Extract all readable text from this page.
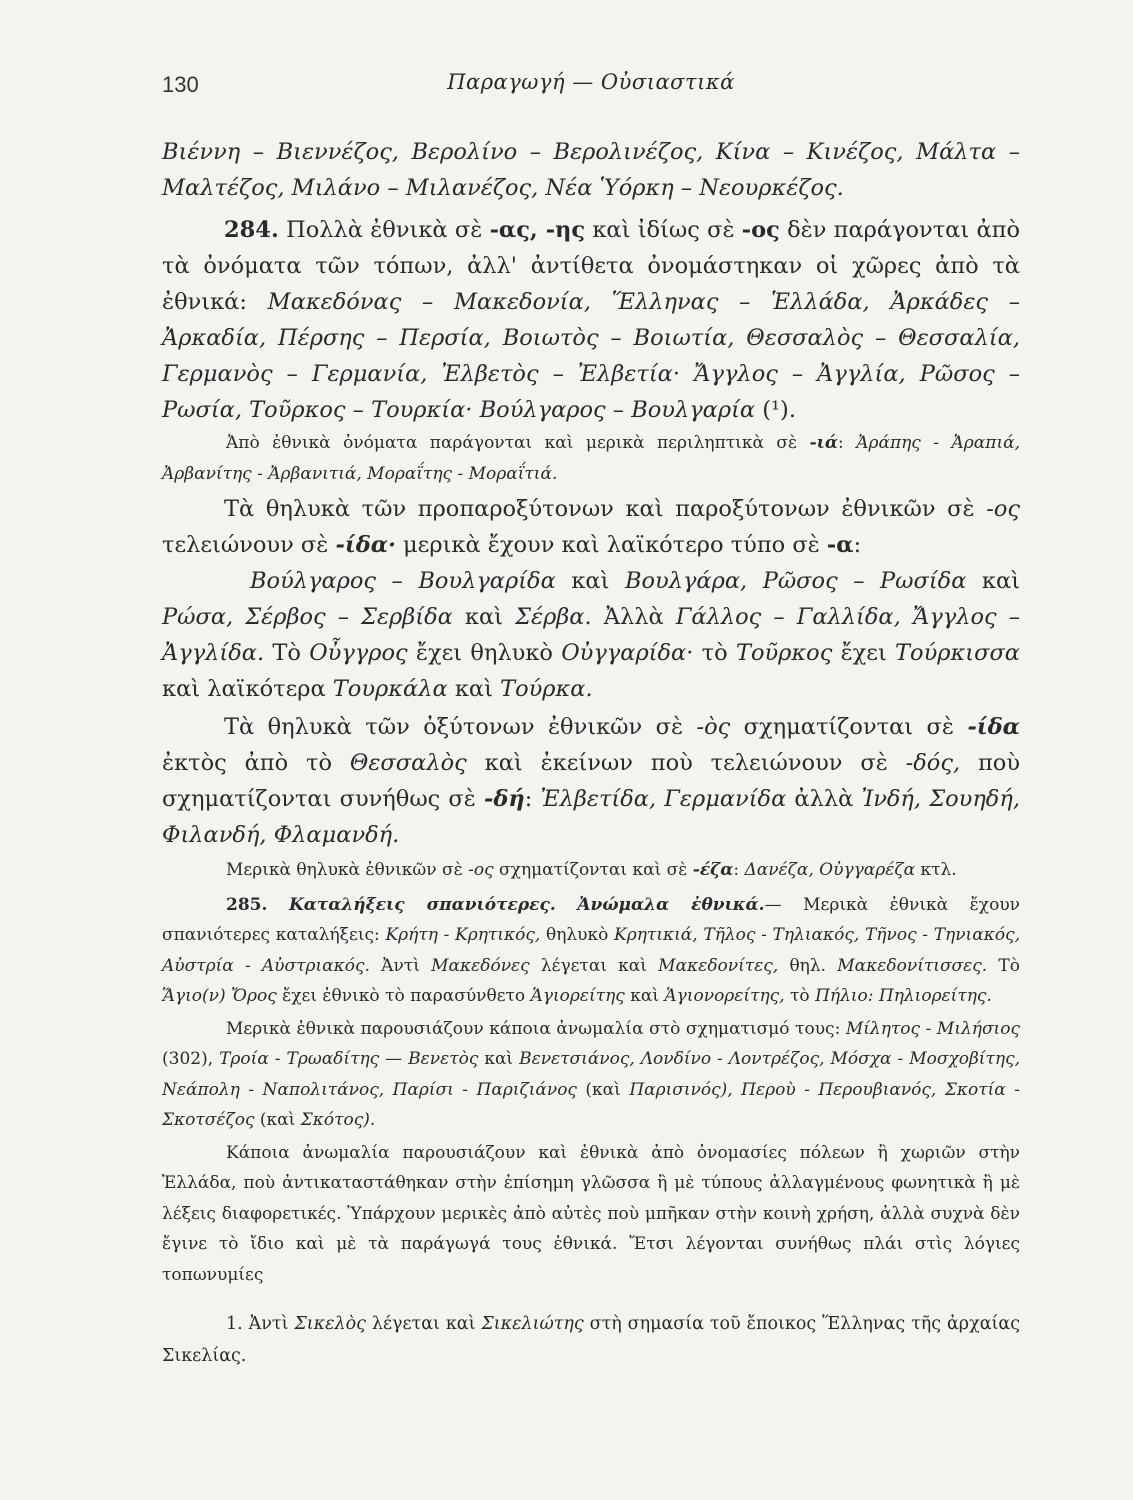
130	Παραγωγή — Οὐσιαστικά

Βιέννη – Βιεννέζος, Βερολίνο – Βερολινέζος, Κίνα – Κινέζος, Μάλτα – Μαλτέζος, Μιλάνο – Μιλανέζος, Νέα Ὑόρκη – Νεουρκέζος.

284. Πολλὰ ἐθνικὰ σὲ -ας, -ης καὶ ἰδίως σὲ -ος δὲν παράγονται ἀπὸ τὰ ὀνόματα τῶν τόπων, ἀλλ' ἀντίθετα ὀνομάστηκαν οἱ χῶρες ἀπὸ τὰ ἐθνικά: Μακεδόνας – Μακεδονία, Ἕλληνας – Ἑλλάδα, Ἀρκάδες – Ἀρκαδία, Πέρσης – Περσία, Βοιωτὸς – Βοιωτία, Θεσσαλὸς – Θεσσαλία, Γερμανὸς – Γερμανία, Ἐλβετὸς – Ἐλβετία· Ἄγγλος – Ἀγγλία, Ρῶσος – Ρωσία, Τοῦρκος – Τουρκία· Βούλγαρος – Βουλγαρία (¹).

Ἀπὸ ἐθνικὰ ὀνόματα παράγονται καὶ μερικὰ περιληπτικὰ σὲ -ιά: Ἀράπης - Ἀραπιά, Ἀρβανίτης - Ἀρβανιτιά, Μοραΐτης - Μοραΐτιά.

Τὰ θηλυκὰ τῶν προπαροξύτονων καὶ παροξύτονων ἐθνικῶν σὲ -ος τελειώνουν σὲ -ίδα· μερικὰ ἔχουν καὶ λαϊκότερο τύπο σὲ -α:

Βούλγαρος – Βουλγαρίδα καὶ Βουλγάρα, Ρῶσος – Ρωσίδα καὶ Ρώσα, Σέρβος – Σερβίδα καὶ Σέρβα. Ἀλλὰ Γάλλος – Γαλλίδα, Ἄγγλος – Ἀγγλίδα. Τὸ Οὖγγρος ἔχει θηλυκὸ Οὐγγαρίδα· τὸ Τοῦρκος ἔχει Τούρκισσα καὶ λαϊκότερα Τουρκάλα καὶ Τούρκα.

Τὰ θηλυκὰ τῶν ὀξύτονων ἐθνικῶν σὲ -ὸς σχηματίζονται σὲ -ίδα ἐκτὸς ἀπὸ τὸ Θεσσαλὸς καὶ ἐκείνων ποὺ τελειώνουν σὲ -δός, ποὺ σχηματίζονται συνήθως σὲ -δή: Ἐλβετίδα, Γερμανίδα ἀλλὰ Ἰνδή, Σουηδή, Φιλανδή, Φλαμανδή.

Μερικὰ θηλυκὰ ἐθνικῶν σὲ -ος σχηματίζονται καὶ σὲ -έζα: Δανέζα, Οὐγγαρέζα κτλ.

285. Καταλήξεις σπανιότερες. Ἀνώμαλα ἐθνικά.— Μερικὰ ἐθνικὰ ἔχουν σπανιότερες καταλήξεις: Κρήτη - Κρητικός, θηλυκὸ Κρητικιά, Τῆλος - Τηλιακός, Τῆνος - Τηνιακός, Αὐστρία - Αὐστριακός. Ἀντὶ Μακεδόνες λέγεται καὶ Μακεδονίτες, θηλ. Μακεδονίτισσες. Τὸ Ἅγιο(ν) Ὄρος ἔχει ἐθνικὸ τὸ παρασύνθετο Ἁγιορείτης καὶ Ἁγιονορείτης, τὸ Πήλιο: Πηλιορείτης.

Μερικὰ ἐθνικὰ παρουσιάζουν κάποια ἀνωμαλία στὸ σχηματισμό τους: Μίλητος - Μιλήσιος (302), Τροία - Τρωαδίτης — Βενετὸς καὶ Βενετσιάνος, Λονδίνο - Λοντρέζος, Μόσχα - Μοσχοβίτης, Νεάπολη - Ναπολιτάνος, Παρίσι - Παριζιάνος (καὶ Παρισινός), Περοὺ - Περουβιανός, Σκοτία - Σκοτσέζος (καὶ Σκότος).

Κάποια ἀνωμαλία παρουσιάζουν καὶ ἐθνικὰ ἀπὸ ὀνομασίες πόλεων ἢ χωριῶν στὴν Ἑλλάδα, ποὺ ἀντικαταστάθηκαν στὴν ἐπίσημη γλῶσσα ἢ μὲ τύπους ἀλλαγμένους φωνητικὰ ἢ μὲ λέξεις διαφορετικές. Ὑπάρχουν μερικὲς ἀπὸ αὐτὲς ποὺ μπῆκαν στὴν κοινὴ χρήση, ἀλλὰ συχνὰ δὲν ἔγινε τὸ ἴδιο καὶ μὲ τὰ παράγωγά τους ἐθνικά. Ἔτσι λέγονται συνήθως πλάι στὶς λόγιες τοπωνυμίες

1. Ἀντὶ Σικελὸς λέγεται καὶ Σικελιώτης στὴ σημασία τοῦ ἔποικος Ἕλληνας τῆς ἀρχαίας Σικελίας.
